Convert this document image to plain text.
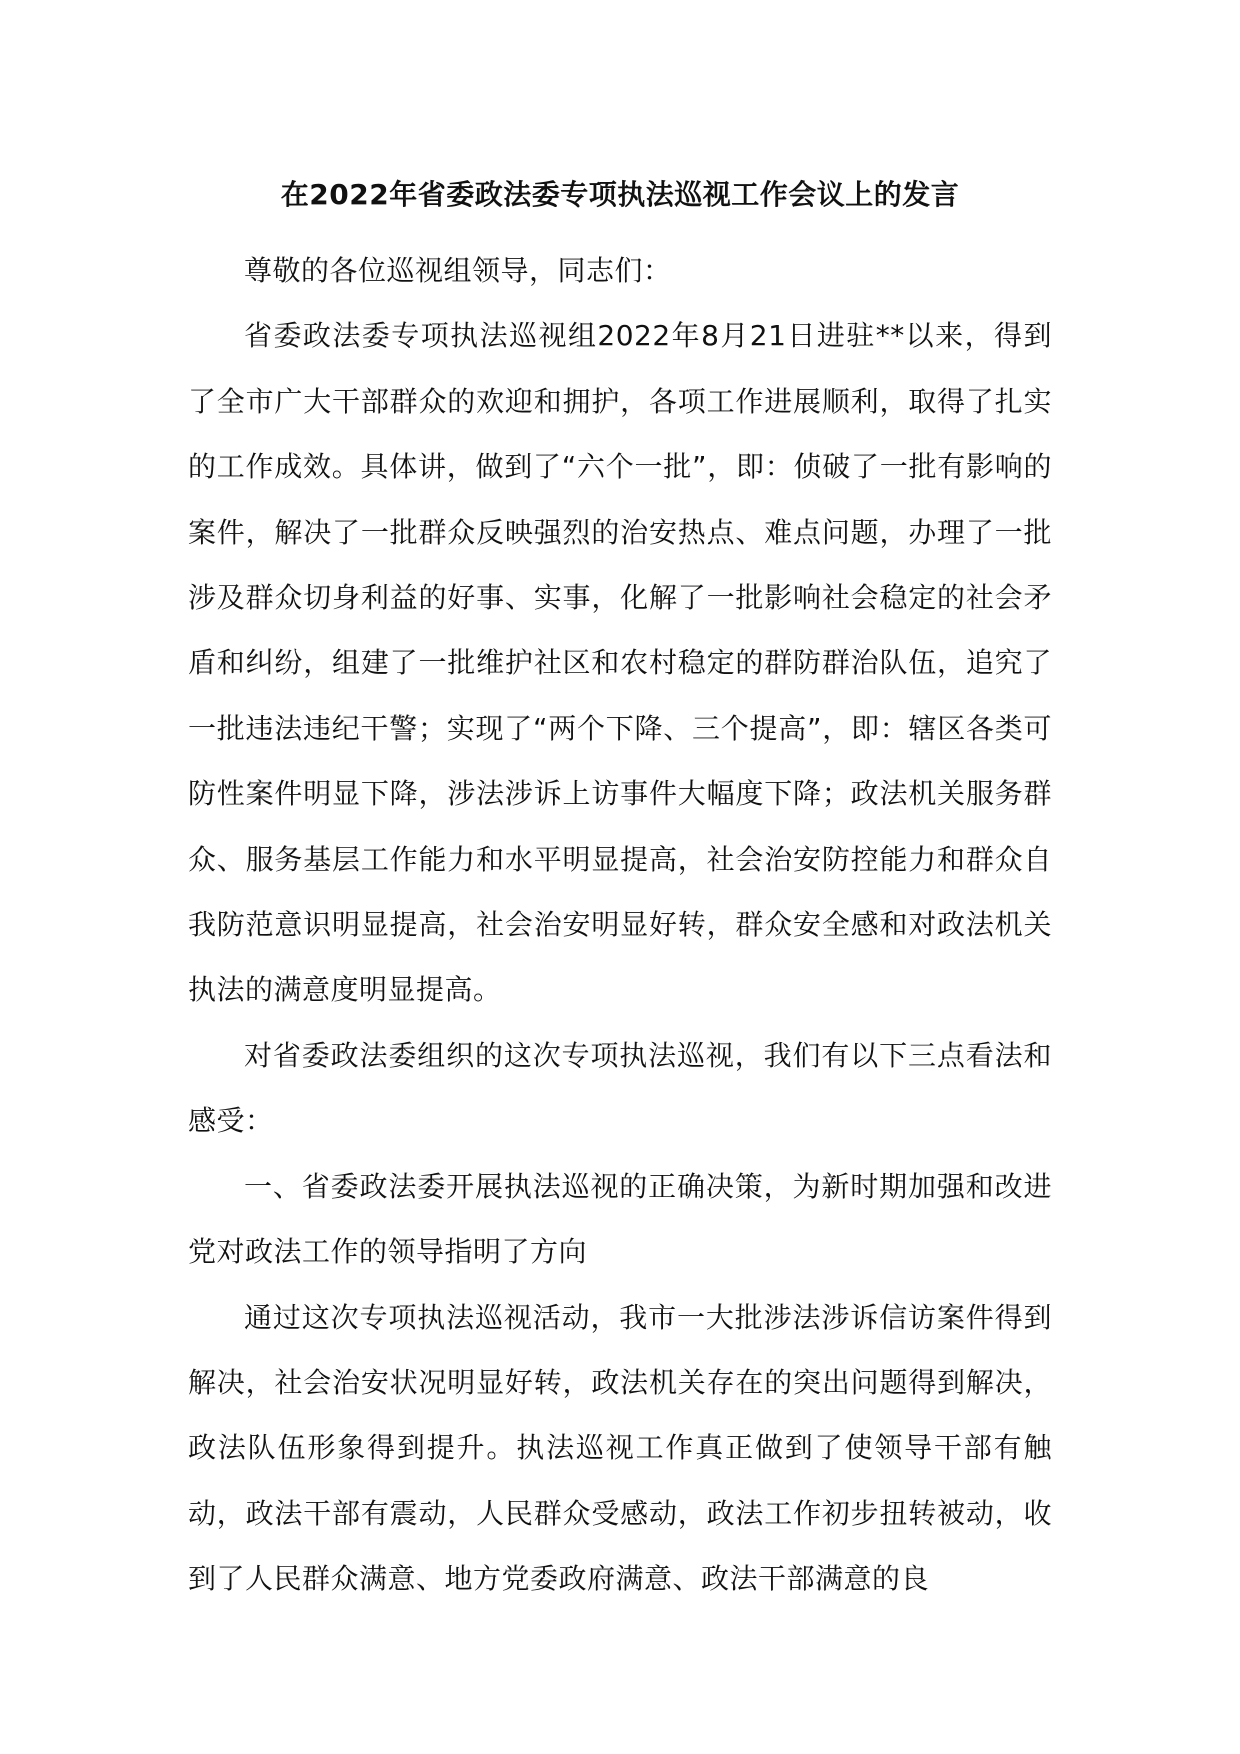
在2022年省委政法委专项执法巡视工作会议上的发言

尊敬的各位巡视组领导，同志们：

省委政法委专项执法巡视组2022年8月21日进驻**以来，得到了全市广大干部群众的欢迎和拥护，各项工作进展顺利，取得了扎实的工作成效。具体讲，做到了“六个一批”，即：侦破了一批有影响的案件，解决了一批群众反映强烈的治安热点、难点问题，办理了一批涉及群众切身利益的好事、实事，化解了一批影响社会稳定的社会矛盾和纠纷，组建了一批维护社区和农村稳定的群防群治队伍，追究了一批违法违纪干警；实现了“两个下降、三个提高”，即：辖区各类可防性案件明显下降，涉法涉诉上访事件大幅度下降；政法机关服务群众、服务基层工作能力和水平明显提高，社会治安防控能力和群众自我防范意识明显提高，社会治安明显好转，群众安全感和对政法机关执法的满意度明显提高。

对省委政法委组织的这次专项执法巡视，我们有以下三点看法和感受：

一、省委政法委开展执法巡视的正确决策，为新时期加强和改进党对政法工作的领导指明了方向

通过这次专项执法巡视活动，我市一大批涉法涉诉信访案件得到解决，社会治安状况明显好转，政法机关存在的突出问题得到解决，政法队伍形象得到提升。执法巡视工作真正做到了使领导干部有触动，政法干部有震动，人民群众受感动，政法工作初步扭转被动，收到了人民群众满意、地方党委政府满意、政法干部满意的良
